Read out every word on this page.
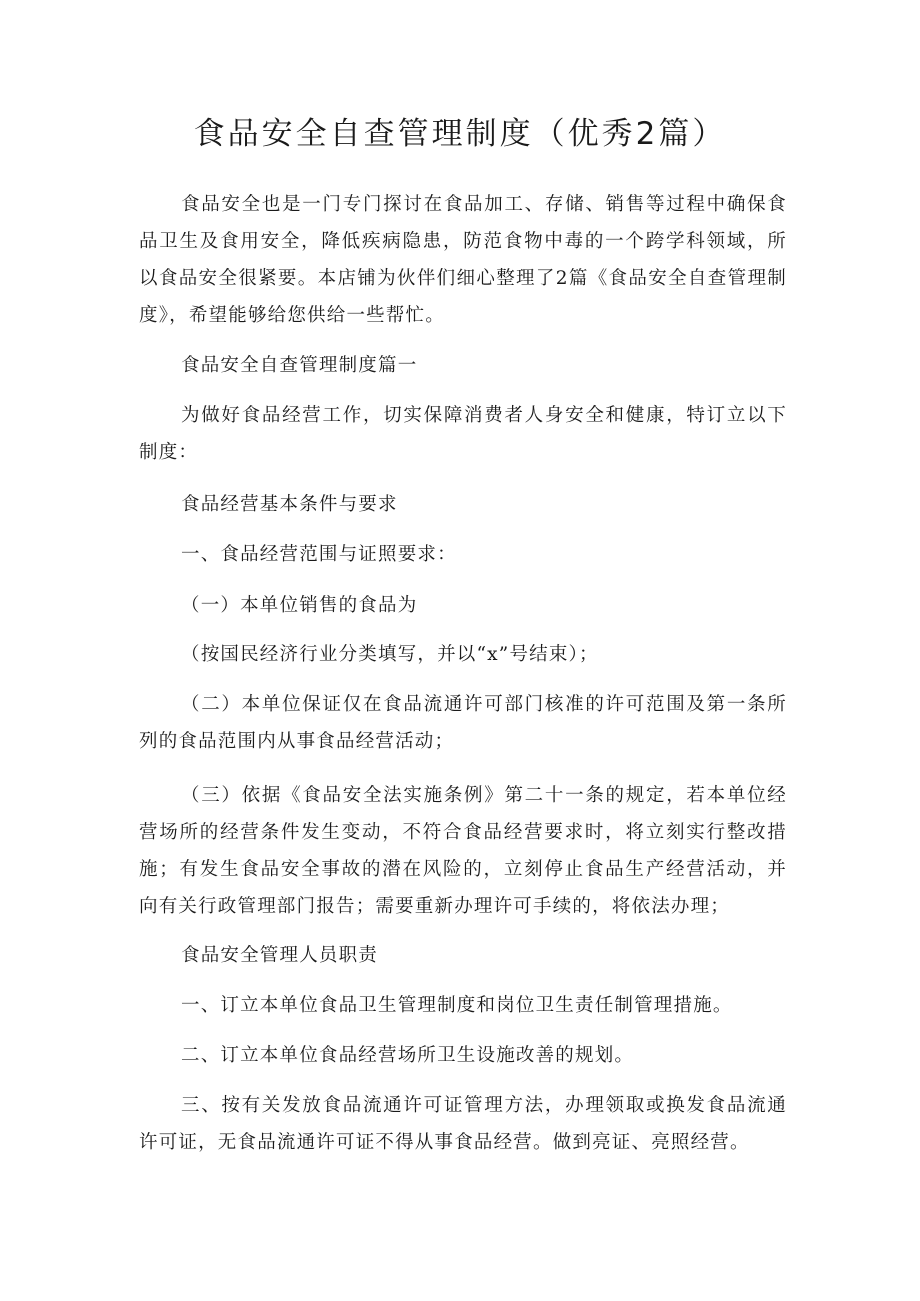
食品安全自查管理制度（优秀2篇）

食品安全也是一门专门探讨在食品加工、存储、销售等过程中确保食品卫生及食用安全，降低疾病隐患，防范食物中毒的一个跨学科领域，所以食品安全很紧要。本店铺为伙伴们细心整理了2篇《食品安全自查管理制度》，希望能够给您供给一些帮忙。

食品安全自查管理制度篇一

为做好食品经营工作，切实保障消费者人身安全和健康，特订立以下制度：

食品经营基本条件与要求

一、食品经营范围与证照要求：

（一）本单位销售的食品为

（按国民经济行业分类填写，并以“x”号结束）；

（二）本单位保证仅在食品流通许可部门核准的许可范围及第一条所列的食品范围内从事食品经营活动；

（三）依据《食品安全法实施条例》第二十一条的规定，若本单位经营场所的经营条件发生变动，不符合食品经营要求时，将立刻实行整改措施；有发生食品安全事故的潜在风险的，立刻停止食品生产经营活动，并向有关行政管理部门报告；需要重新办理许可手续的，将依法办理；

食品安全管理人员职责

一、订立本单位食品卫生管理制度和岗位卫生责任制管理措施。

二、订立本单位食品经营场所卫生设施改善的规划。

三、按有关发放食品流通许可证管理方法，办理领取或换发食品流通许可证，无食品流通许可证不得从事食品经营。做到亮证、亮照经营。
